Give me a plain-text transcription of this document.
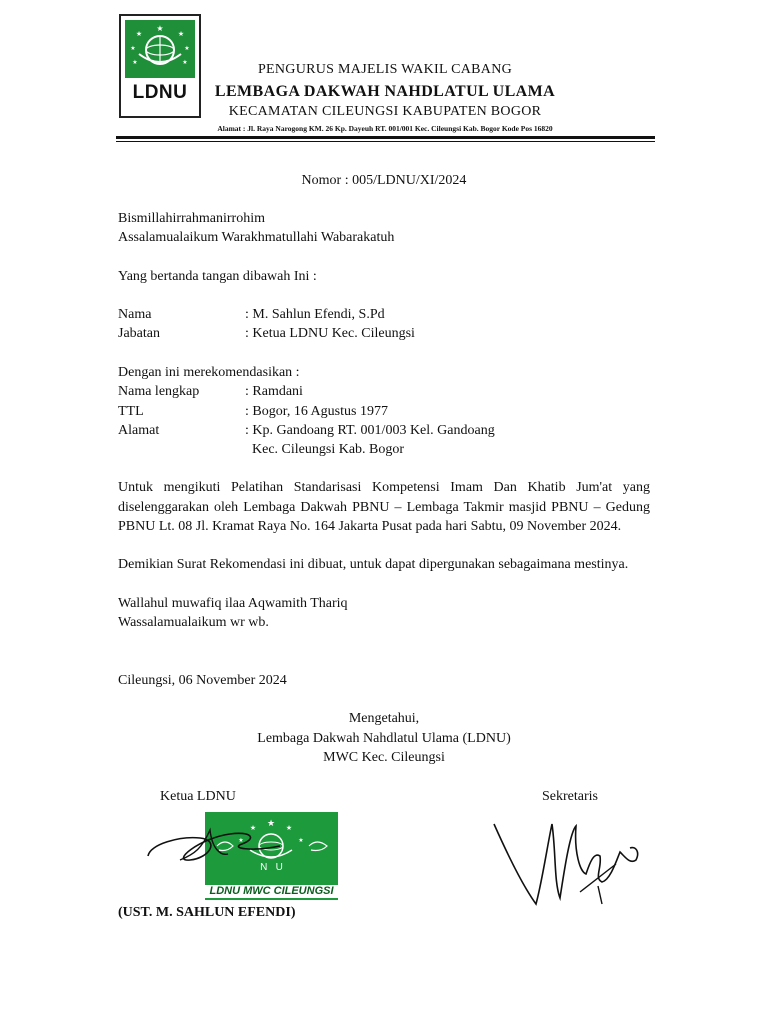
★
★	★
★	★
★	★
LDNU
PENGURUS MAJELIS WAKIL CABANG
LEMBAGA DAKWAH NAHDLATUL ULAMA
KECAMATAN CILEUNGSI KABUPATEN BOGOR
Alamat : Jl. Raya Narogong KM. 26 Kp. Dayeuh RT. 001/001 Kec. Cileungsi Kab. Bogor Kode Pos 16820
Nomor : 005/LDNU/XI/2024
Bismillahirrahmanirrohim
Assalamualaikum Warakhmatullahi Wabarakatuh
Yang bertanda tangan dibawah Ini :
Nama	: M. Sahlun Efendi, S.Pd
Jabatan	: Ketua LDNU Kec. Cileungsi
Dengan ini merekomendasikan :
Nama lengkap	: Ramdani
TTL	: Bogor, 16 Agustus 1977
Alamat	: Kp. Gandoang RT. 001/003 Kel. Gandoang
Kec. Cileungsi Kab. Bogor
Untuk mengikuti Pelatihan Standarisasi Kompetensi Imam Dan Khatib Jum'at yang diselenggarakan oleh Lembaga Dakwah PBNU – Lembaga Takmir masjid PBNU – Gedung PBNU Lt. 08 Jl. Kramat Raya No. 164 Jakarta Pusat pada hari Sabtu, 09 November 2024.
Demikian Surat Rekomendasi ini dibuat, untuk dapat dipergunakan sebagaimana mestinya.
Wallahul muwafiq ilaa Aqwamith Thariq
Wassalamualaikum wr wb.
Cileungsi, 06 November 2024
Mengetahui,
Lembaga Dakwah Nahdlatul Ulama (LDNU)
MWC Kec. Cileungsi
Ketua LDNU	Sekretaris
★
★	★
★	★
N   U
LDNU MWC CILEUNGSI
(UST. M. SAHLUN EFENDI)
